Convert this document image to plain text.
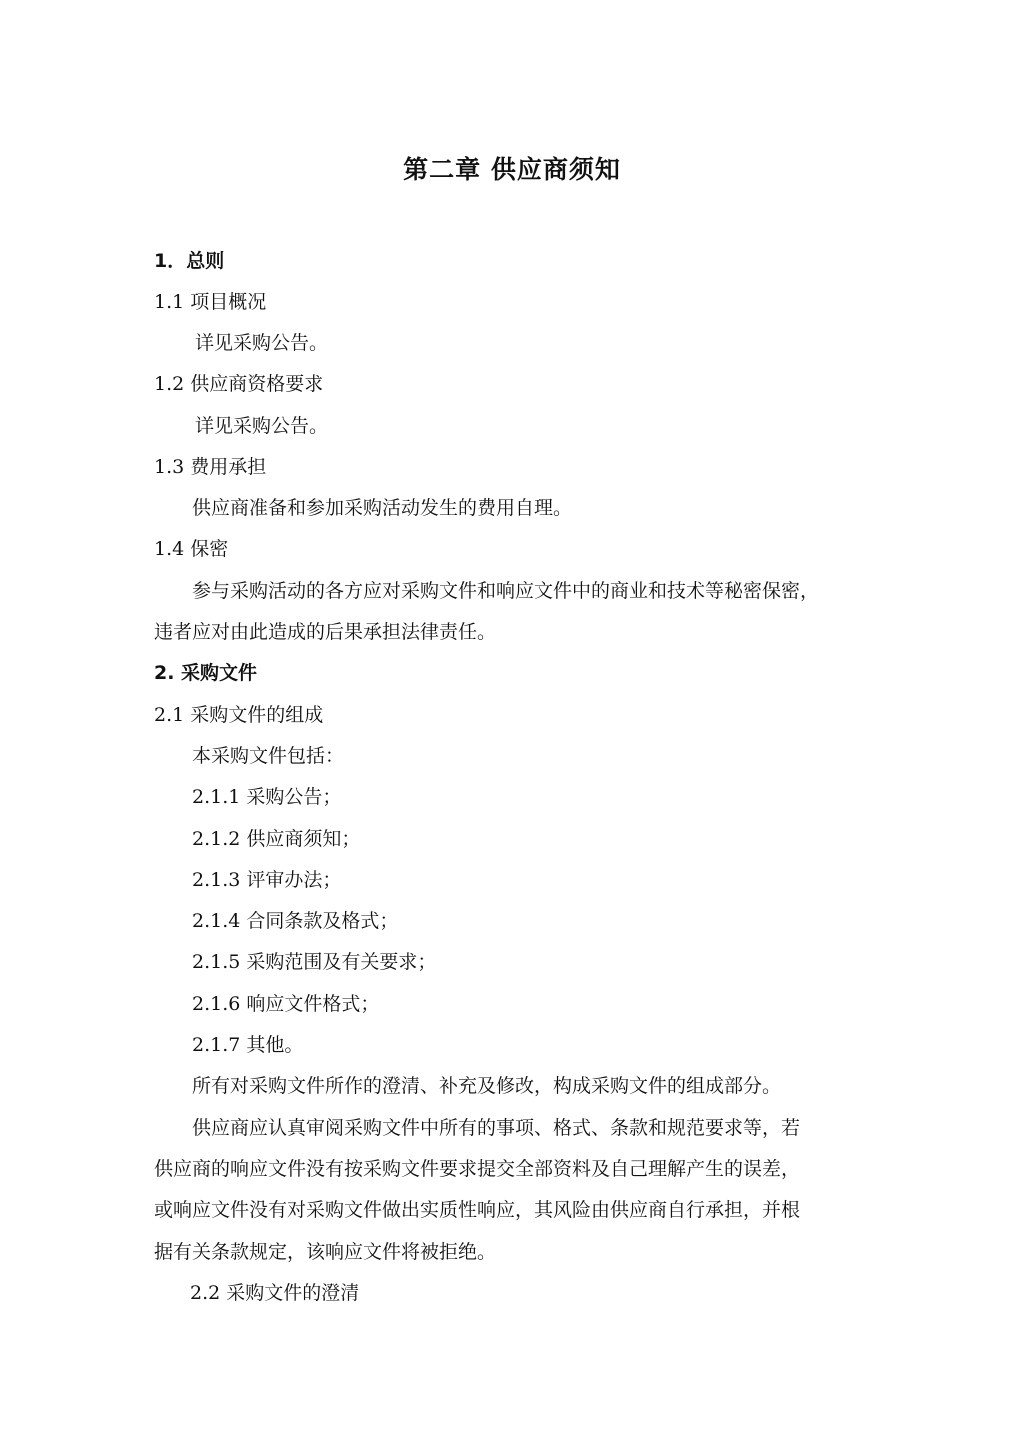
第二章 供应商须知
1．总则
1.1 项目概况
详见采购公告。
1.2 供应商资格要求
详见采购公告。
1.3 费用承担
供应商准备和参加采购活动发生的费用自理。
1.4 保密
参与采购活动的各方应对采购文件和响应文件中的商业和技术等秘密保密，
违者应对由此造成的后果承担法律责任。
2. 采购文件
2.1 采购文件的组成
本采购文件包括：
2.1.1 采购公告；
2.1.2 供应商须知；
2.1.3 评审办法；
2.1.4 合同条款及格式；
2.1.5 采购范围及有关要求；
2.1.6 响应文件格式；
2.1.7 其他。
所有对采购文件所作的澄清、补充及修改，构成采购文件的组成部分。
供应商应认真审阅采购文件中所有的事项、格式、条款和规范要求等，若
供应商的响应文件没有按采购文件要求提交全部资料及自己理解产生的误差，
或响应文件没有对采购文件做出实质性响应，其风险由供应商自行承担，并根
据有关条款规定，该响应文件将被拒绝。
2.2 采购文件的澄清
